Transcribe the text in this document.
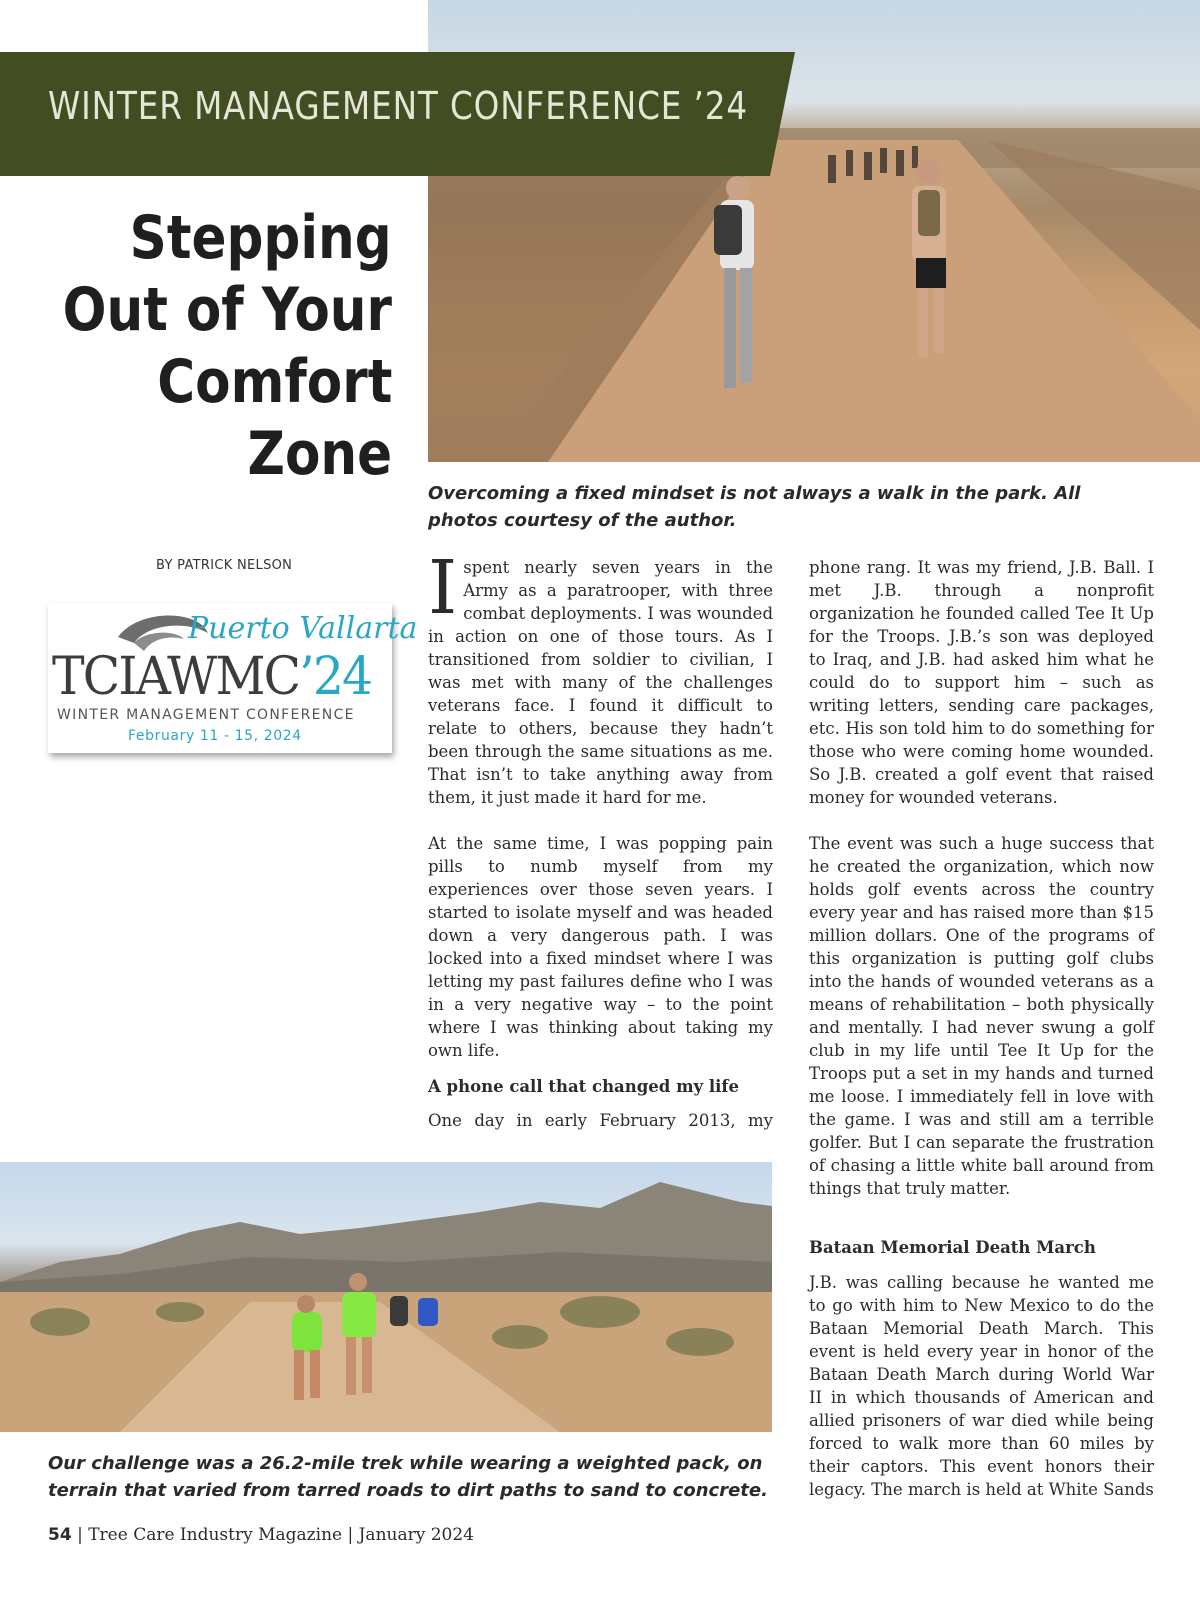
WINTER MANAGEMENT CONFERENCE ’24
Stepping
Out of Your
Comfort
Zone
Overcoming a fixed mindset is not always a walk in the park. All photos courtesy of the author.
BY PATRICK NELSON
Puerto Vallarta
TCIAWMC’24
WINTER MANAGEMENT CONFERENCE
February 11 - 15, 2024

Ispent nearly seven years in the Army as a paratrooper, with three combat deployments. I was wounded in action on one of those tours. As I transitioned from soldier to civilian, I was met with many of the challenges veterans face. I found it difficult to relate to others, because they hadn’t been through the same situations as me. That isn’t to take anything away from them, it just made it hard for me.

At the same time, I was popping pain pills to numb myself from my experiences over those seven years. I started to isolate myself and was headed down a very dangerous path. I was locked into a fixed mindset where I was letting my past failures define who I was in a very negative way – to the point where I was thinking about taking my own life.

A phone call that changed my life
One day in early February 2013, my

phone rang. It was my friend, J.B. Ball. I met J.B. through a nonprofit organization he founded called Tee It Up for the Troops. J.B.’s son was deployed to Iraq, and J.B. had asked him what he could do to support him – such as writing letters, sending care packages, etc. His son told him to do something for those who were coming home wounded. So J.B. created a golf event that raised money for wounded veterans.

The event was such a huge success that he created the organization, which now holds golf events across the country every year and has raised more than $15 million dollars. One of the programs of this organization is putting golf clubs into the hands of wounded veterans as a means of rehabilitation – both physically and mentally. I had never swung a golf club in my life until Tee It Up for the Troops put a set in my hands and turned me loose. I immediately fell in love with the game. I was and still am a terrible golfer. But I can separate the frustration of chasing a little white ball around from things that truly matter.

Bataan Memorial Death March
J.B. was calling because he wanted me to go with him to New Mexico to do the Bataan Memorial Death March. This event is held every year in honor of the Bataan Death March during World War II in which thousands of American and allied prisoners of war died while being forced to walk more than 60 miles by their captors. This event honors their legacy. The march is held at White Sands
Our challenge was a 26.2-mile trek while wearing a weighted pack, on terrain that varied from tarred roads to dirt paths to sand to concrete.
54 | Tree Care Industry Magazine | January 2024
